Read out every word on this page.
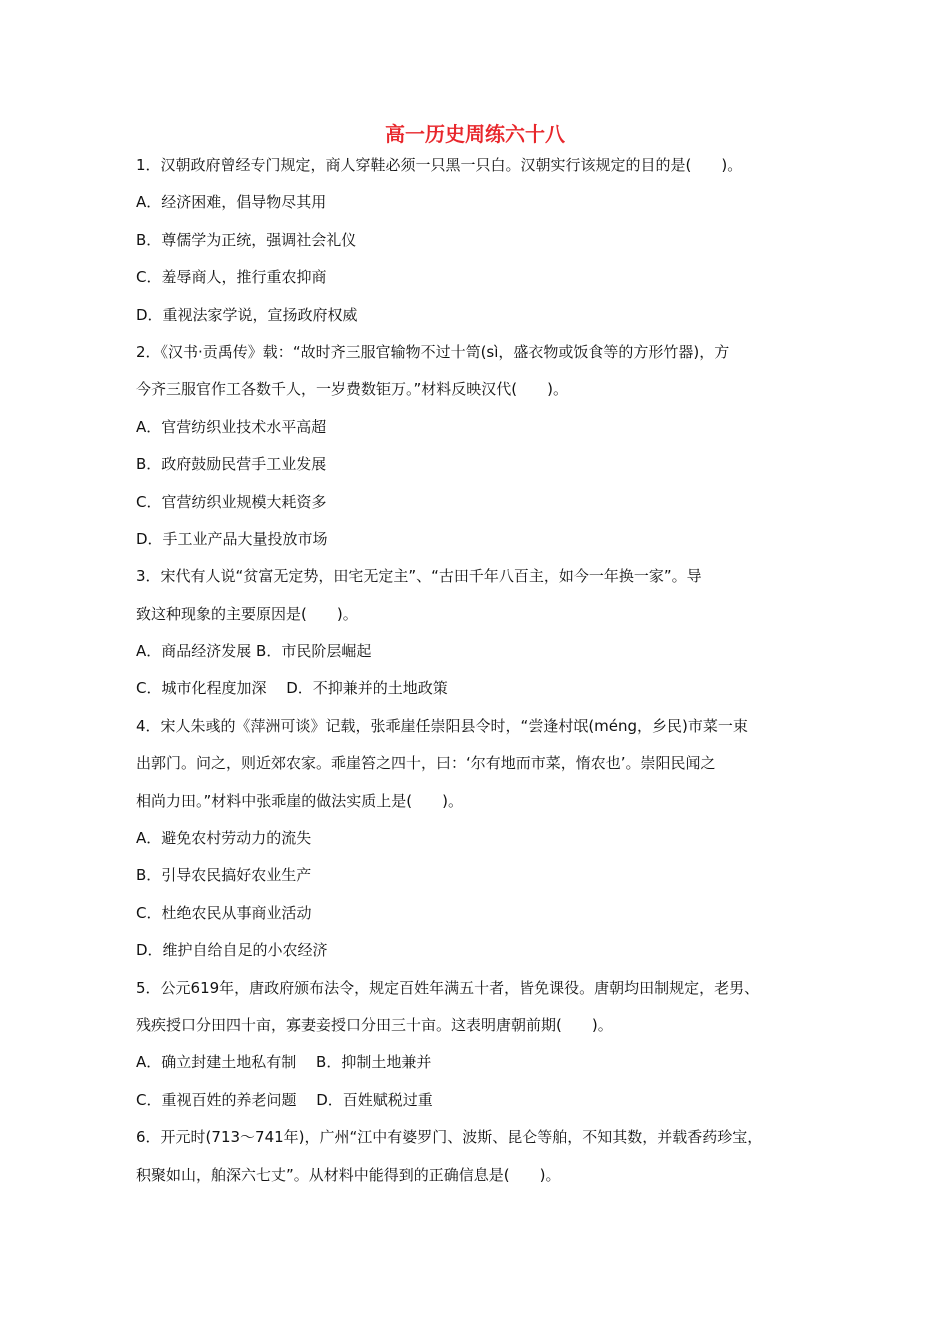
高一历史周练六十八
1．汉朝政府曾经专门规定，商人穿鞋必须一只黑一只白。汉朝实行该规定的目的是(　　)。
A．经济困难，倡导物尽其用
B．尊儒学为正统，强调社会礼仪
C．羞辱商人，推行重农抑商
D．重视法家学说，宣扬政府权威
2．《汉书·贡禹传》载：“故时齐三服官输物不过十笥(sì，盛衣物或饭食等的方形竹器)，方
今齐三服官作工各数千人，一岁费数钜万。”材料反映汉代(　　)。
A．官营纺织业技术水平高超
B．政府鼓励民营手工业发展
C．官营纺织业规模大耗资多
D．手工业产品大量投放市场
3．宋代有人说“贫富无定势，田宅无定主”、“古田千年八百主，如今一年换一家”。导
致这种现象的主要原因是(　　)。
A．商品经济发展 B．市民阶层崛起
C．城市化程度加深　 D．不抑兼并的土地政策
4．宋人朱彧的《萍洲可谈》记载，张乖崖任崇阳县令时，“尝逢村氓(méng，乡民)市菜一束
出郭门。问之，则近郊农家。乖崖笞之四十，曰：‘尔有地而市菜，惰农也’。崇阳民闻之
相尚力田。”材料中张乖崖的做法实质上是(　　)。
A．避免农村劳动力的流失
B．引导农民搞好农业生产
C．杜绝农民从事商业活动
D．维护自给自足的小农经济
5．公元619年，唐政府颁布法令，规定百姓年满五十者，皆免课役。唐朝均田制规定，老男、
残疾授口分田四十亩，寡妻妾授口分田三十亩。这表明唐朝前期(　　)。
A．确立封建土地私有制　 B．抑制土地兼并
C．重视百姓的养老问题　 D．百姓赋税过重
6．开元时(713～741年)，广州“江中有婆罗门、波斯、昆仑等舶，不知其数，并载香药珍宝，
积聚如山，舶深六七丈”。从材料中能得到的正确信息是(　　)。
